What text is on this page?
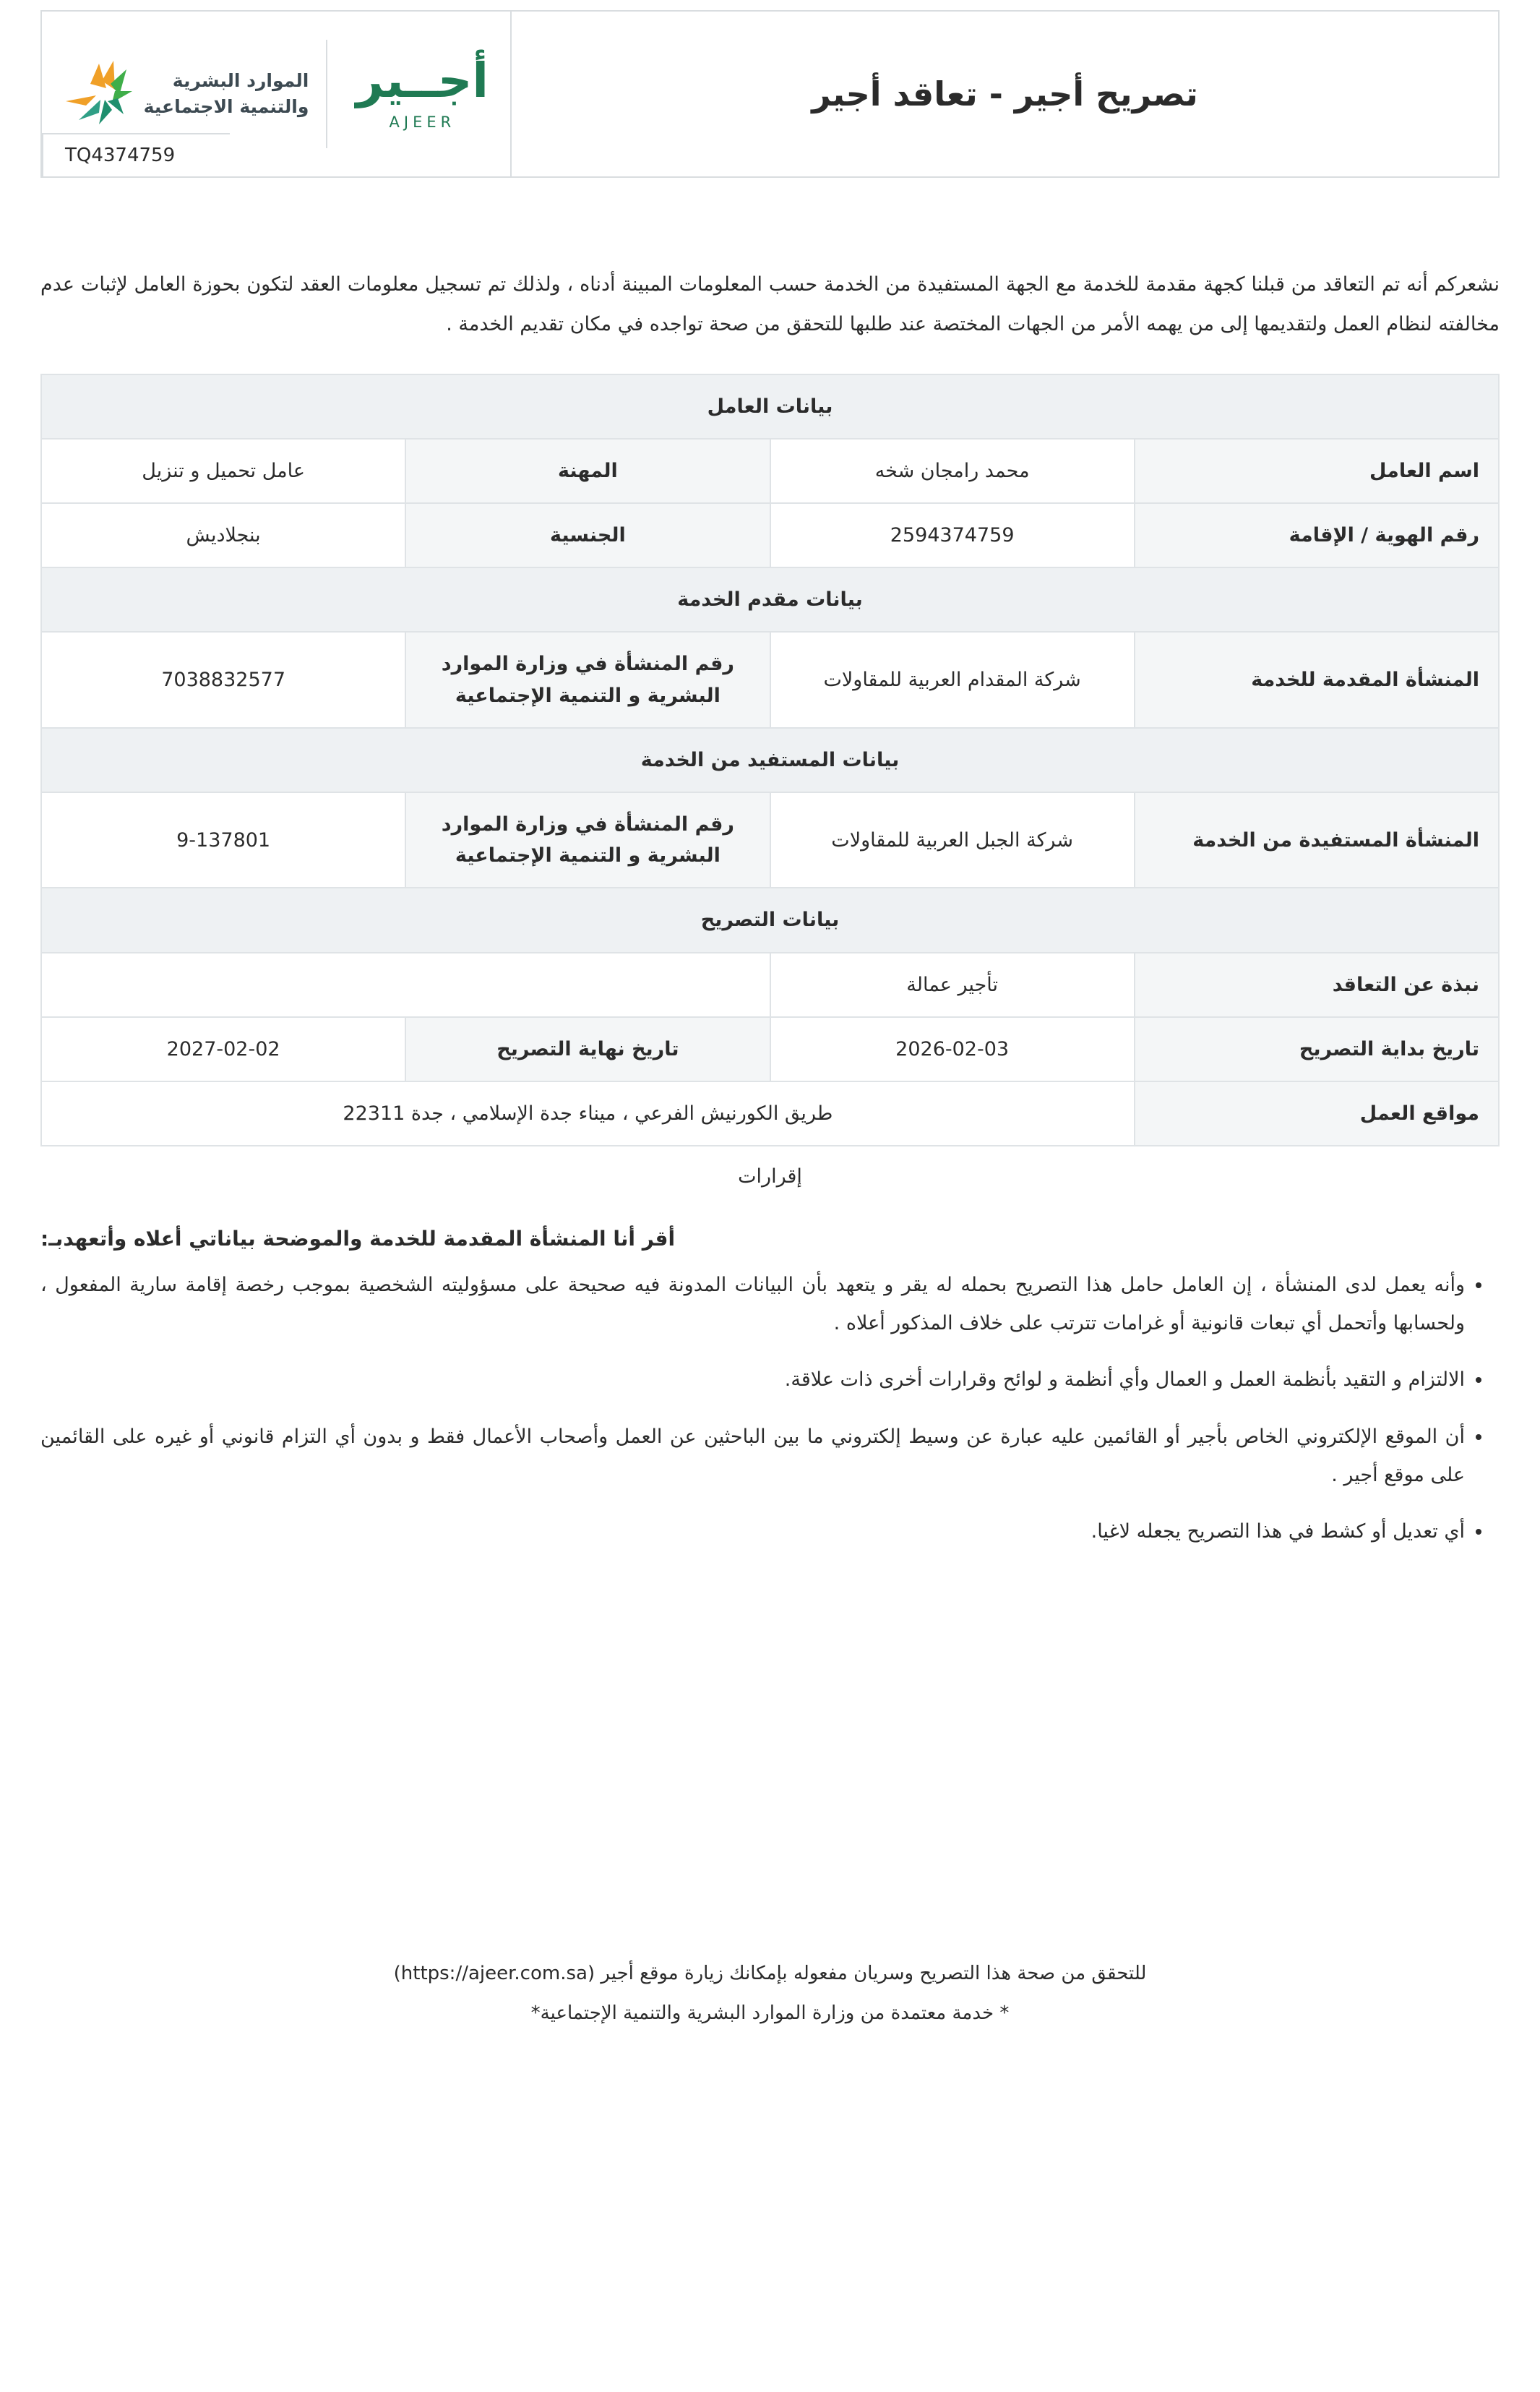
أجــير
AJEER
الموارد البشرية
والتنمية الاجتماعية	تصريح أجير - تعاقد أجير
TQ4374759
نشعركم أنه تم التعاقد من قبلنا كجهة مقدمة للخدمة مع الجهة المستفيدة من الخدمة حسب المعلومات المبينة أدناه ، ولذلك تم تسجيل معلومات العقد لتكون بحوزة العامل لإثبات عدم مخالفته لنظام العمل ولتقديمها إلى من يهمه الأمر من الجهات المختصة عند طلبها للتحقق من صحة تواجده في مكان تقديم الخدمة .
بيانات العامل			
اسم العامل	محمد رامجان شخه	المهنة	عامل تحميل و تنزيل
رقم الهوية / الإقامة	2594374759	الجنسية	بنجلاديش
بيانات مقدم الخدمة			
المنشأة المقدمة للخدمة	شركة المقدام العربية للمقاولات	رقم المنشأة في وزارة الموارد البشرية و التنمية الإجتماعية	7038832577
بيانات المستفيد من الخدمة			
المنشأة المستفيدة من الخدمة	شركة الجبل العربية للمقاولات	رقم المنشأة في وزارة الموارد البشرية و التنمية الإجتماعية	9-137801
بيانات التصريح			
نبذة عن التعاقد	تأجير عمالة		
تاريخ بداية التصريح	2026-02-03	تاريخ نهاية التصريح	2027-02-02
مواقع العمل	طريق الكورنيش الفرعي ، ميناء جدة الإسلامي ، جدة 22311		
إقرارات
أقر أنا المنشأة المقدمة للخدمة والموضحة بياناتي أعلاه وأتعهدبـ:
• وأنه يعمل لدى المنشأة ، إن العامل حامل هذا التصريح بحمله له يقر و يتعهد بأن البيانات المدونة فيه صحيحة على مسؤوليته الشخصية بموجب رخصة إقامة سارية المفعول ، ولحسابها وأتحمل أي تبعات قانونية أو غرامات تترتب على خلاف المذكور أعلاه .
• الالتزام و التقيد بأنظمة العمل و العمال وأي أنظمة و لوائح وقرارات أخرى ذات علاقة.
• أن الموقع الإلكتروني الخاص بأجير أو القائمين عليه عبارة عن وسيط إلكتروني ما بين الباحثين عن العمل وأصحاب الأعمال فقط و بدون أي التزام قانوني أو غيره على القائمين على موقع أجير .
• أي تعديل أو كشط في هذا التصريح يجعله لاغيا.
للتحقق من صحة هذا التصريح وسريان مفعوله بإمكانك زيارة موقع أجير (https://ajeer.com.sa)
* خدمة معتمدة من وزارة الموارد البشرية والتنمية الإجتماعية*
